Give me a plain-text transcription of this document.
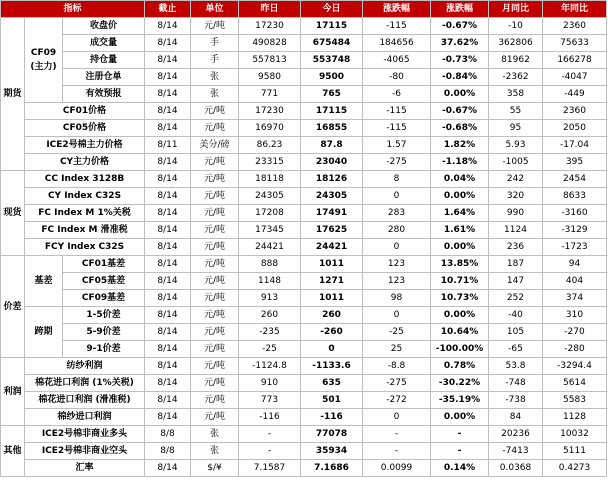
指标			截止	单位	昨日	今日	涨跌幅	涨跌幅	月同比	年同比	
期货	CF09
(主力)	收盘价	8/14	元/吨	17230	17115	-115	-0.67%	-10	2360	
		成交量	8/14	手	490828	675484	184656	37.62%	362806	75633	
		持仓量	8/14	手	557813	553748	-4065	-0.73%	81962	166278	
		注册仓单	8/14	张	9580	9500	-80	-0.84%	-2362	-4047	
		有效预报	8/14	张	771	765	-6	0.00%	358	-449	
	CF01价格		8/14	元/吨	17230	17115	-115	-0.67%	55	2360	
	CF05价格		8/14	元/吨	16970	16855	-115	-0.68%	95	2050	
	ICE2号棉主力价格		8/11	美分/磅	86.23	87.8	1.57	1.82%	5.93	-17.04	
	CY主力价格		8/14	元/吨	23315	23040	-275	-1.18%	-1005	395	
现货	CC Index 3128B		8/14	元/吨	18118	18126	8	0.04%	242	2454	
	CY Index C32S		8/14	元/吨	24305	24305	0	0.00%	320	8633	
	FC Index M 1%关税		8/14	元/吨	17208	17491	283	1.64%	990	-3160	
	FC Index M 滑准税		8/14	元/吨	17345	17625	280	1.61%	1124	-3129	
	FCY Index C32S		8/14	元/吨	24421	24421	0	0.00%	236	-1723	
价差	基差	CF01基差	8/14	元/吨	888	1011	123	13.85%	187	94	
		CF05基差	8/14	元/吨	1148	1271	123	10.71%	147	404	
		CF09基差	8/14	元/吨	913	1011	98	10.73%	252	374	
	跨期	1-5价差	8/14	元/吨	260	260	0	0.00%	-40	310	
		5-9价差	8/14	元/吨	-235	-260	-25	10.64%	105	-270	
		9-1价差	8/14	元/吨	-25	0	25	-100.00%	-65	-280	
利润	纺纱利润		8/14	元/吨	-1124.8	-1133.6	-8.8	0.78%	53.8	-3294.4	
	棉花进口利润 (1%关税)		8/14	元/吨	910	635	-275	-30.22%	-748	5614	
	棉花进口利润 (滑准税)		8/14	元/吨	773	501	-272	-35.19%	-738	5583	
	棉纱进口利润		8/14	元/吨	-116	-116	0	0.00%	84	1128	
其他	ICE2号棉非商业多头		8/8	张	-	77078	-	-	20236	10032	
	ICE2号棉非商业空头		8/8	张	-	35934	-	-	-7413	5111	
	汇率		8/14	$/¥	7.1587	7.1686	0.0099	0.14%	0.0368	0.4273	
